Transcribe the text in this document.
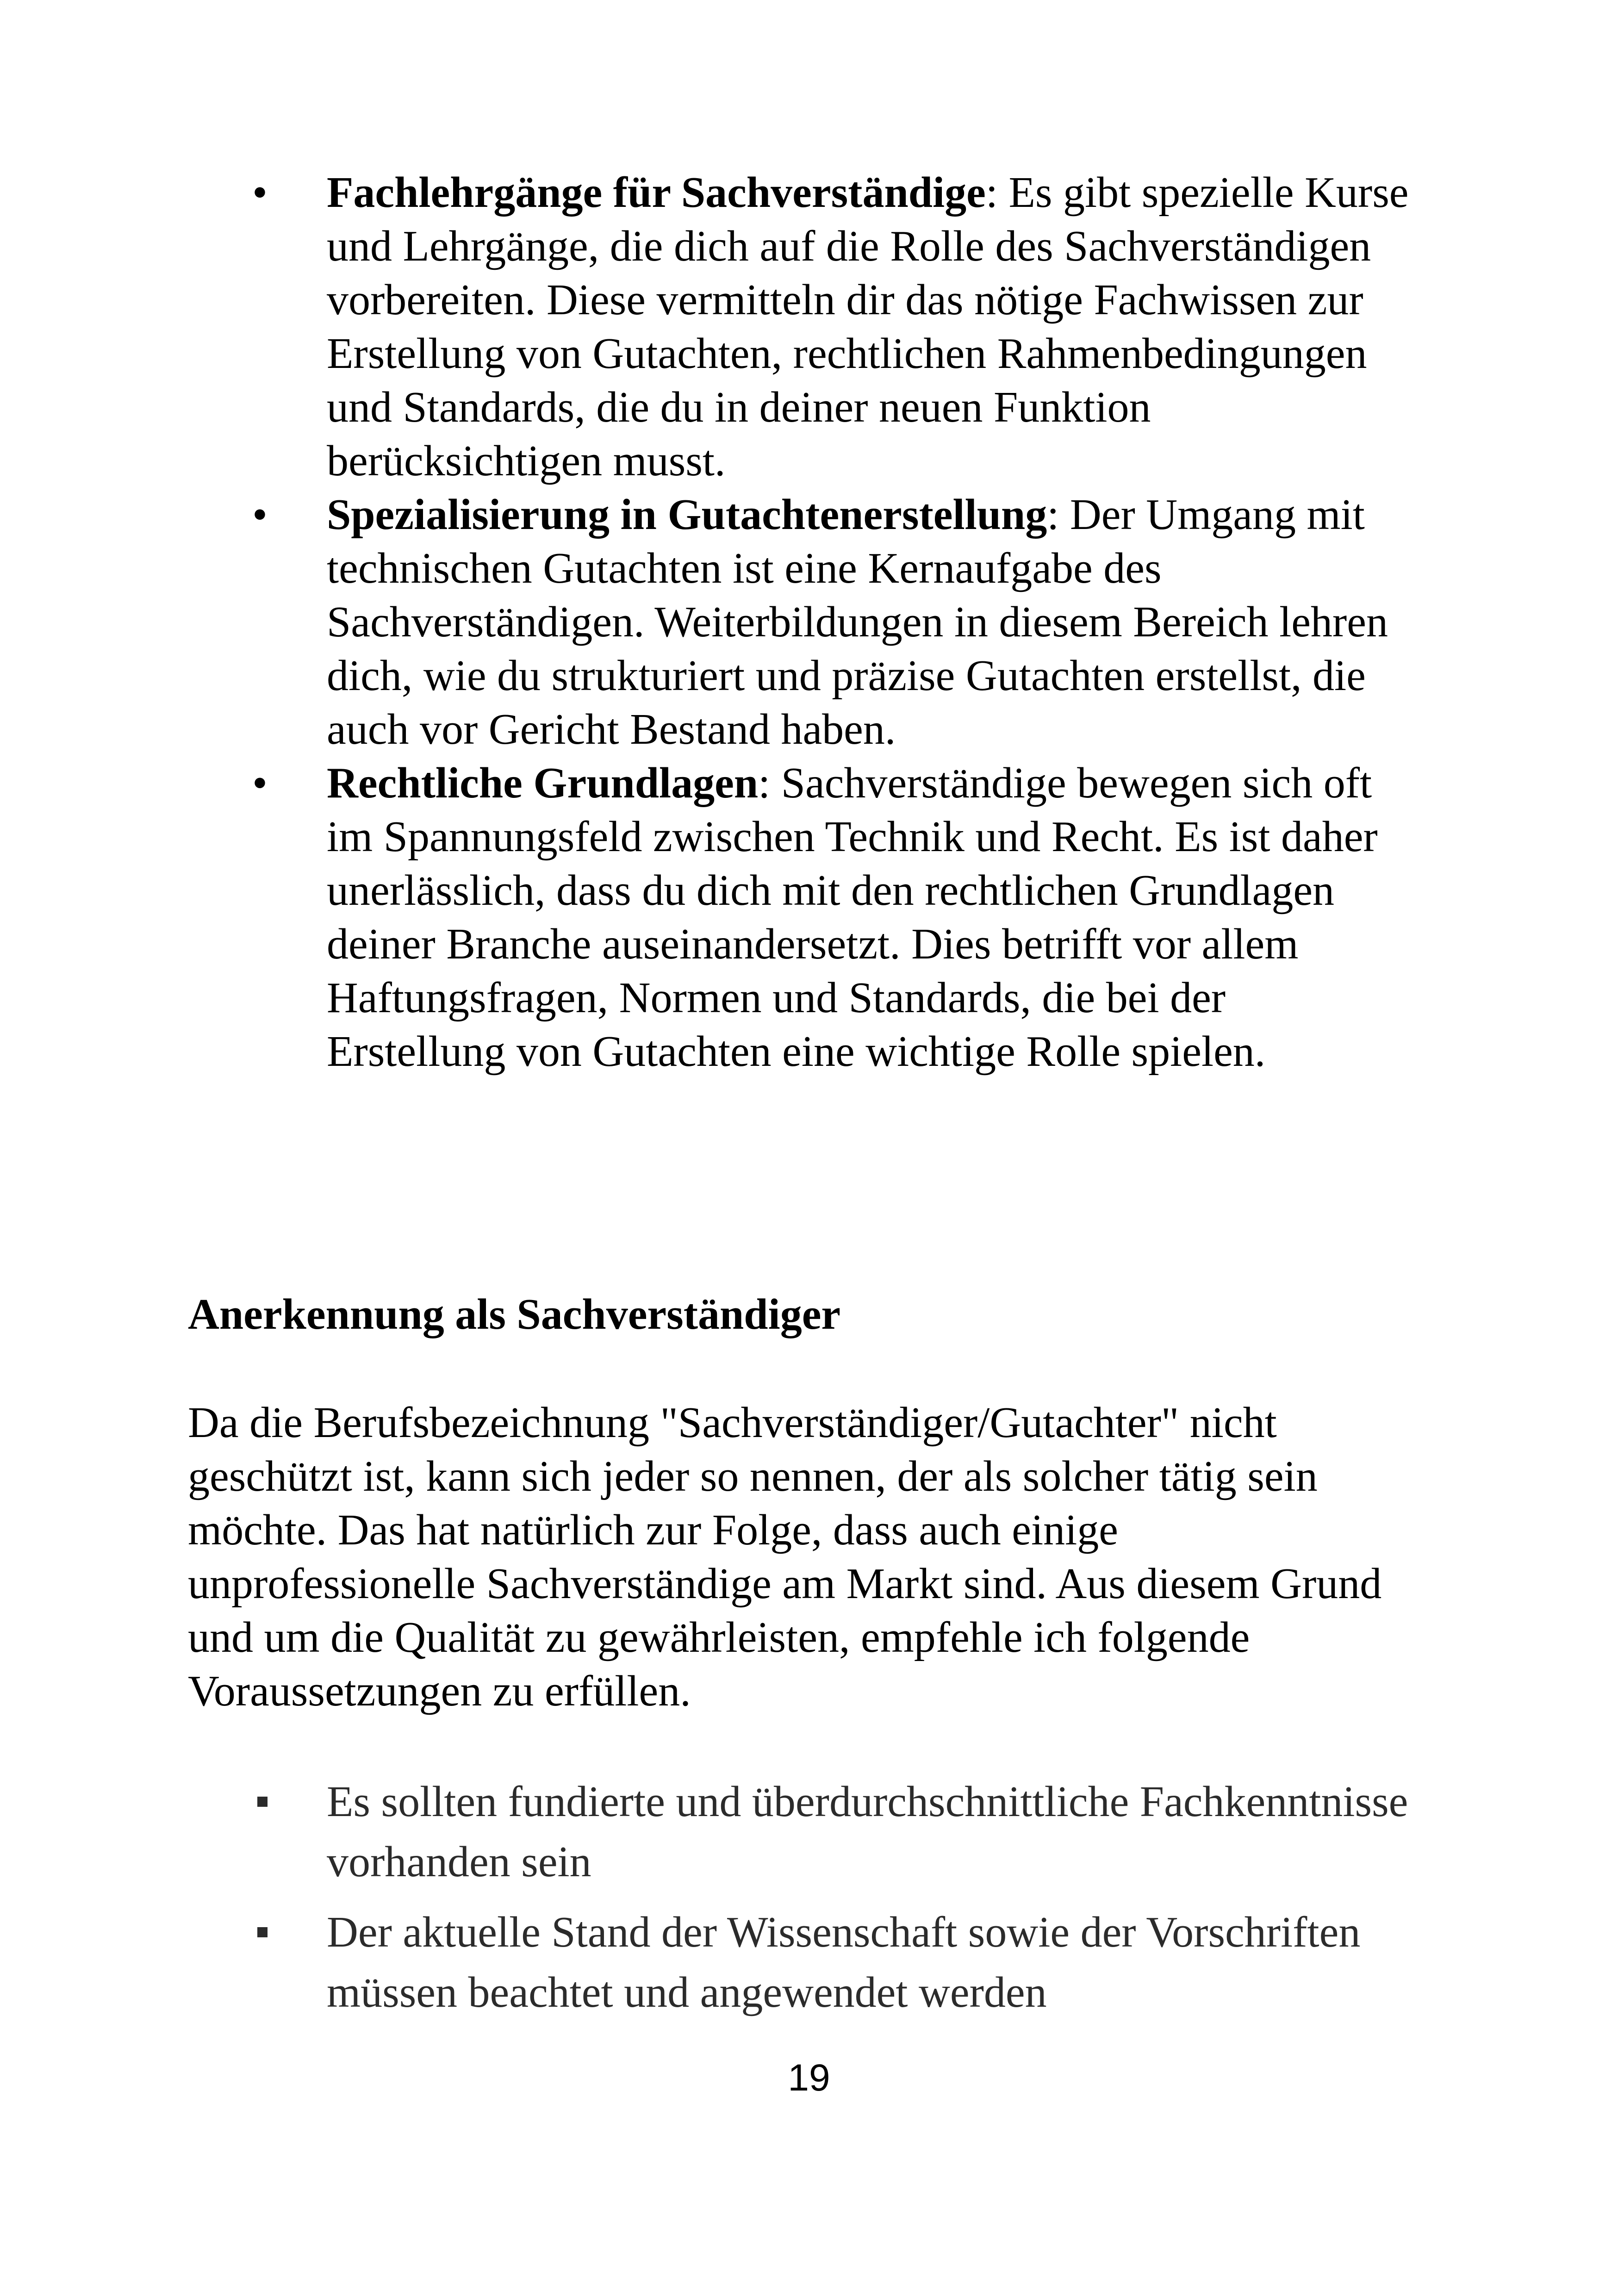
• Fachlehrgänge für Sachverständige: Es gibt spezielle Kurse und Lehrgänge, die dich auf die Rolle des Sachverständigen vorbereiten. Diese vermitteln dir das nötige Fachwissen zur Erstellung von Gutachten, rechtlichen Rahmenbedingungen und Standards, die du in deiner neuen Funktion berücksichtigen musst.
• Spezialisierung in Gutachtenerstellung: Der Umgang mit technischen Gutachten ist eine Kernaufgabe des Sachverständigen. Weiterbildungen in diesem Bereich lehren dich, wie du strukturiert und präzise Gutachten erstellst, die auch vor Gericht Bestand haben.
• Rechtliche Grundlagen: Sachverständige bewegen sich oft im Spannungsfeld zwischen Technik und Recht. Es ist daher unerlässlich, dass du dich mit den rechtlichen Grundlagen deiner Branche auseinandersetzt. Dies betrifft vor allem Haftungsfragen, Normen und Standards, die bei der Erstellung von Gutachten eine wichtige Rolle spielen.
Anerkennung als Sachverständiger

Da die Berufsbezeichnung "Sachverständiger/Gutachter" nicht geschützt ist, kann sich jeder so nennen, der als solcher tätig sein möchte. Das hat natürlich zur Folge, dass auch einige unprofessionelle Sachverständige am Markt sind. Aus diesem Grund und um die Qualität zu gewährleisten, empfehle ich folgende Voraussetzungen zu erfüllen.

Es sollten fundierte und überdurchschnittliche Fachkenntnisse vorhanden sein
Der aktuelle Stand der Wissenschaft sowie der Vorschriften müssen beachtet und angewendet werden

19
